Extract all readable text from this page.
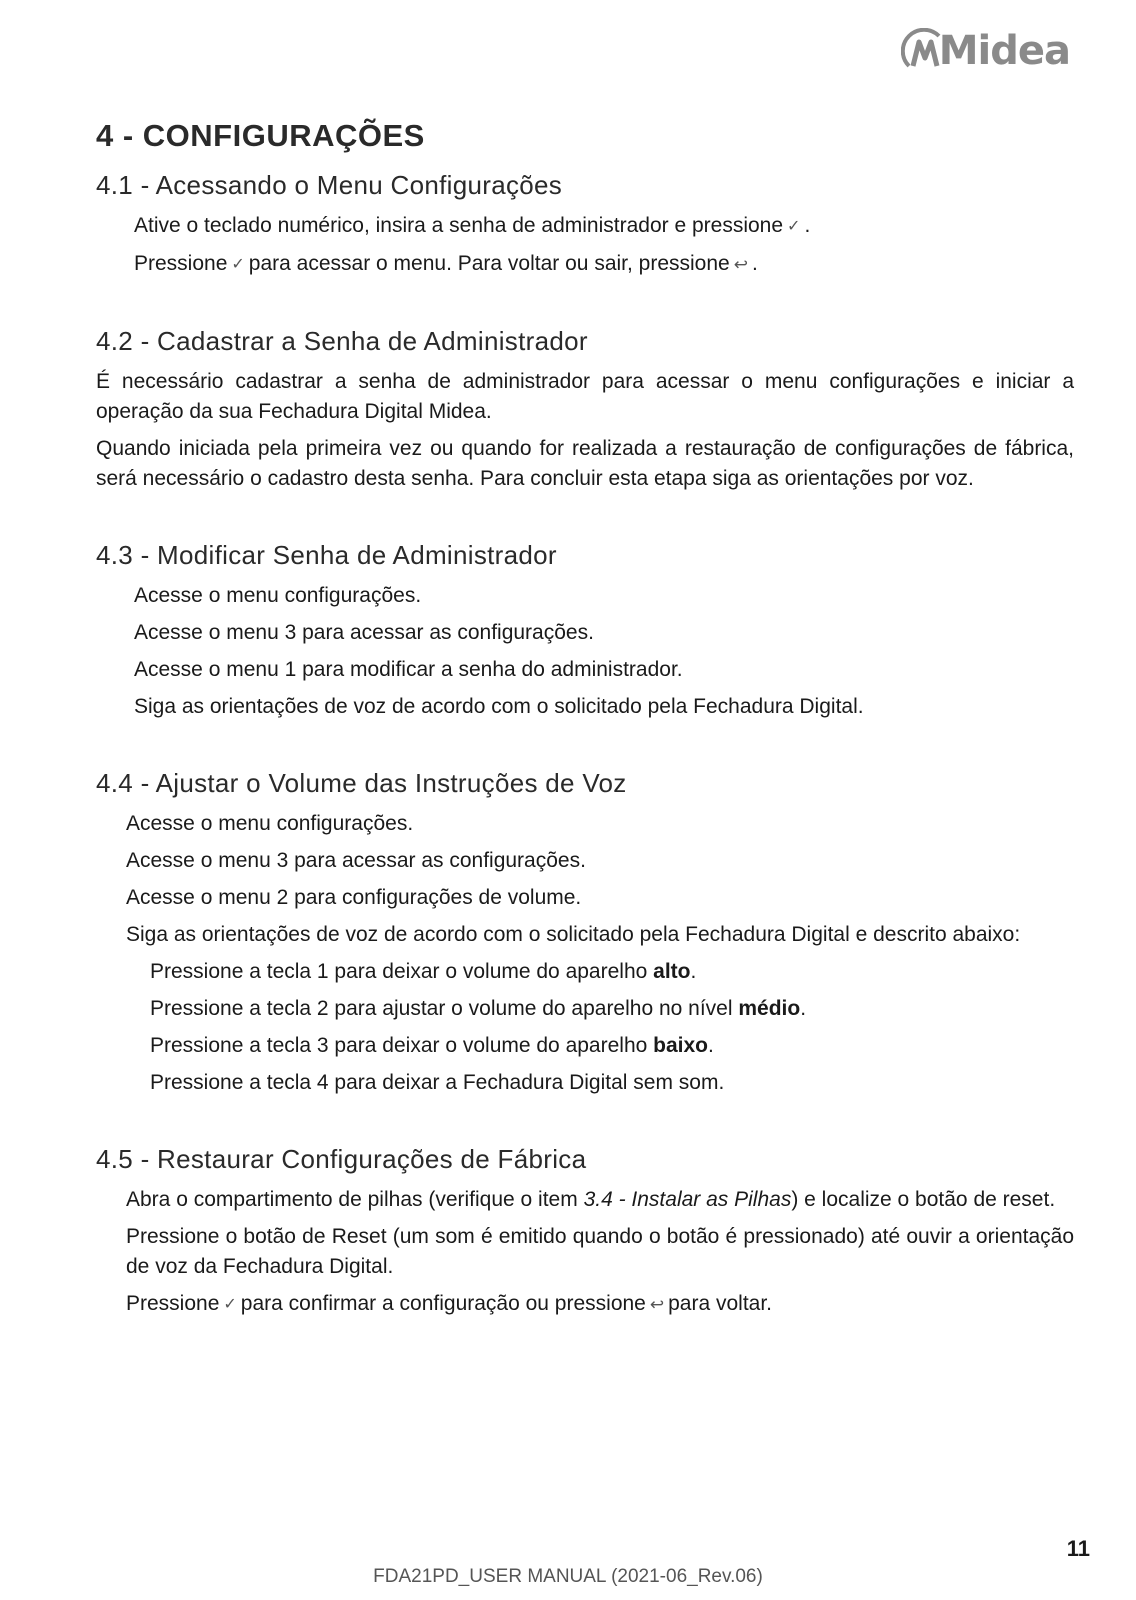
Midea
4 - CONFIGURAÇÕES
4.1 - Acessando o Menu Configurações

Ative o teclado numérico, insira a senha de administrador e pressione ✓ .

Pressione ✓ para acessar o menu. Para voltar ou sair, pressione ↩ .

4.2 - Cadastrar a Senha de Administrador

É necessário cadastrar a senha de administrador para acessar o menu configurações e iniciar a operação da sua Fechadura Digital Midea.

Quando iniciada pela primeira vez ou quando for realizada a restauração de configurações de fábrica, será necessário o cadastro desta senha. Para concluir esta etapa siga as orientações por voz.

4.3 - Modificar Senha de Administrador

Acesse o menu configurações.

Acesse o menu 3 para acessar as configurações.

Acesse o menu 1 para modificar a senha do administrador.

Siga as orientações de voz de acordo com o solicitado pela Fechadura Digital.

4.4 - Ajustar o Volume das Instruções de Voz

Acesse o menu configurações.

Acesse o menu 3 para acessar as configurações.

Acesse o menu 2 para configurações de volume.

Siga as orientações de voz de acordo com o solicitado pela Fechadura Digital e descrito abaixo:

Pressione a tecla 1 para deixar o volume do aparelho alto.

Pressione a tecla 2 para ajustar o volume do aparelho no nível médio.

Pressione a tecla 3 para deixar o volume do aparelho baixo.

Pressione a tecla 4 para deixar a Fechadura Digital sem som.

4.5 - Restaurar Configurações de Fábrica

Abra o compartimento de pilhas (verifique o item 3.4 - Instalar as Pilhas) e localize o botão de reset.

Pressione o botão de Reset (um som é emitido quando o botão é pressionado) até ouvir a orientação de voz da Fechadura Digital.

Pressione ✓ para confirmar a configuração ou pressione ↩ para voltar.

11
FDA21PD_USER MANUAL (2021-06_Rev.06)
